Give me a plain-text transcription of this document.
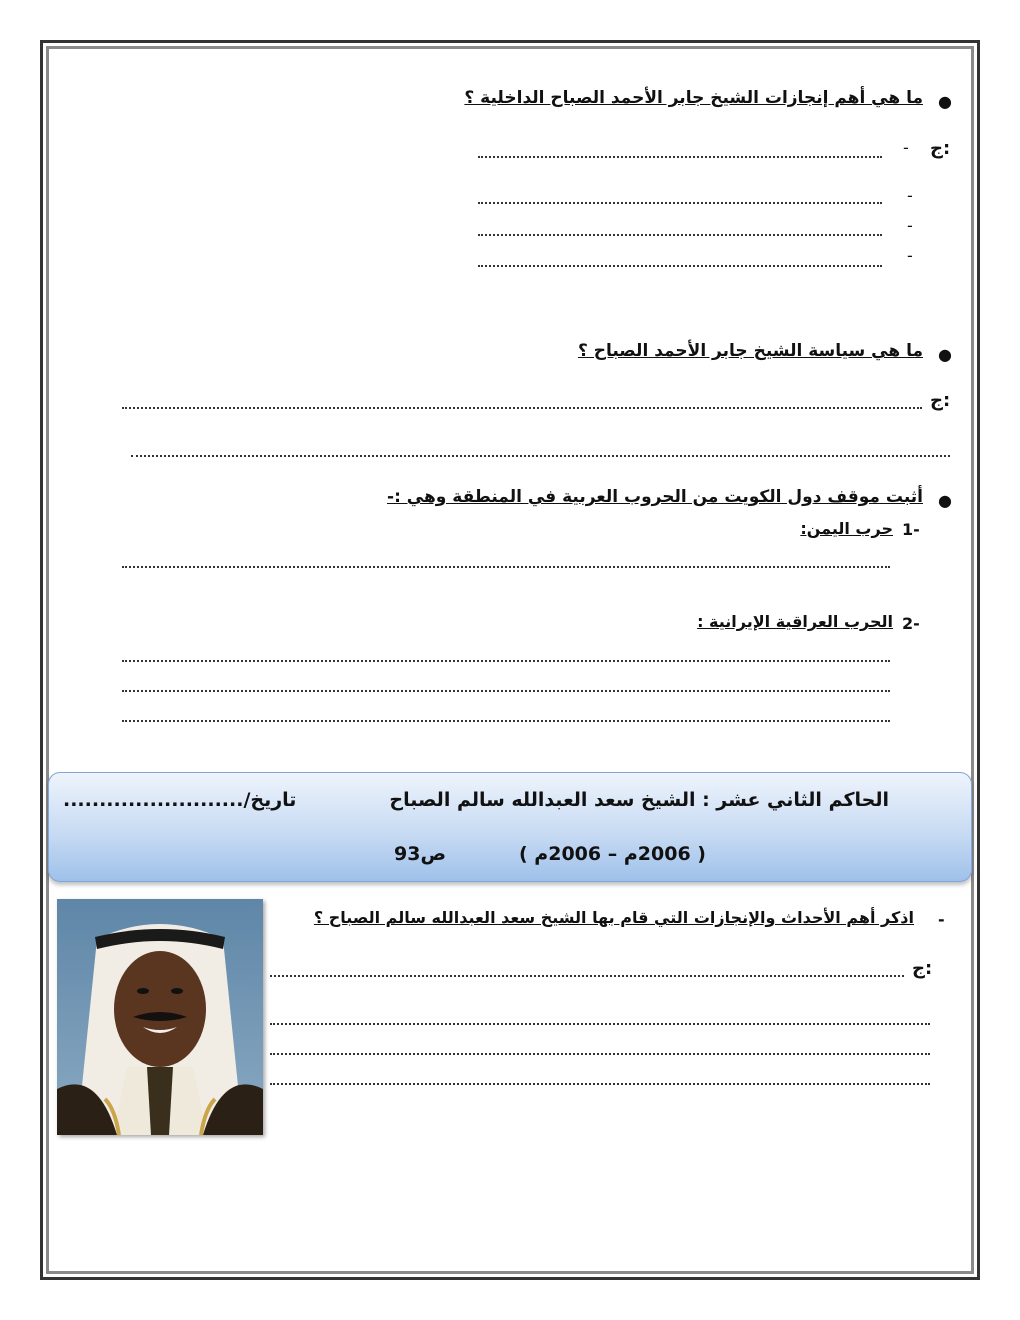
●
ما هي أهم إنجازات الشيخ جابر الأحمد الصباح الداخلية ؟
ج:
-
-
-
-
●
ما هي سياسة الشيخ جابر الأحمد الصباح ؟
ج:
●
أثبت موقف دول الكويت من الحروب العربية في المنطقة وهي :-
1-
حرب اليمن:
2-
الحرب العراقية الإيرانية :
الحاكم الثاني عشر : الشيخ سعد العبدالله سالم الصباح
تاريخ/.........................
( 2006م – 2006م )
ص93
-
اذكر أهم الأحداث والإنجازات التي قام بها الشيخ سعد العبدالله سالم الصباح ؟
ج:
